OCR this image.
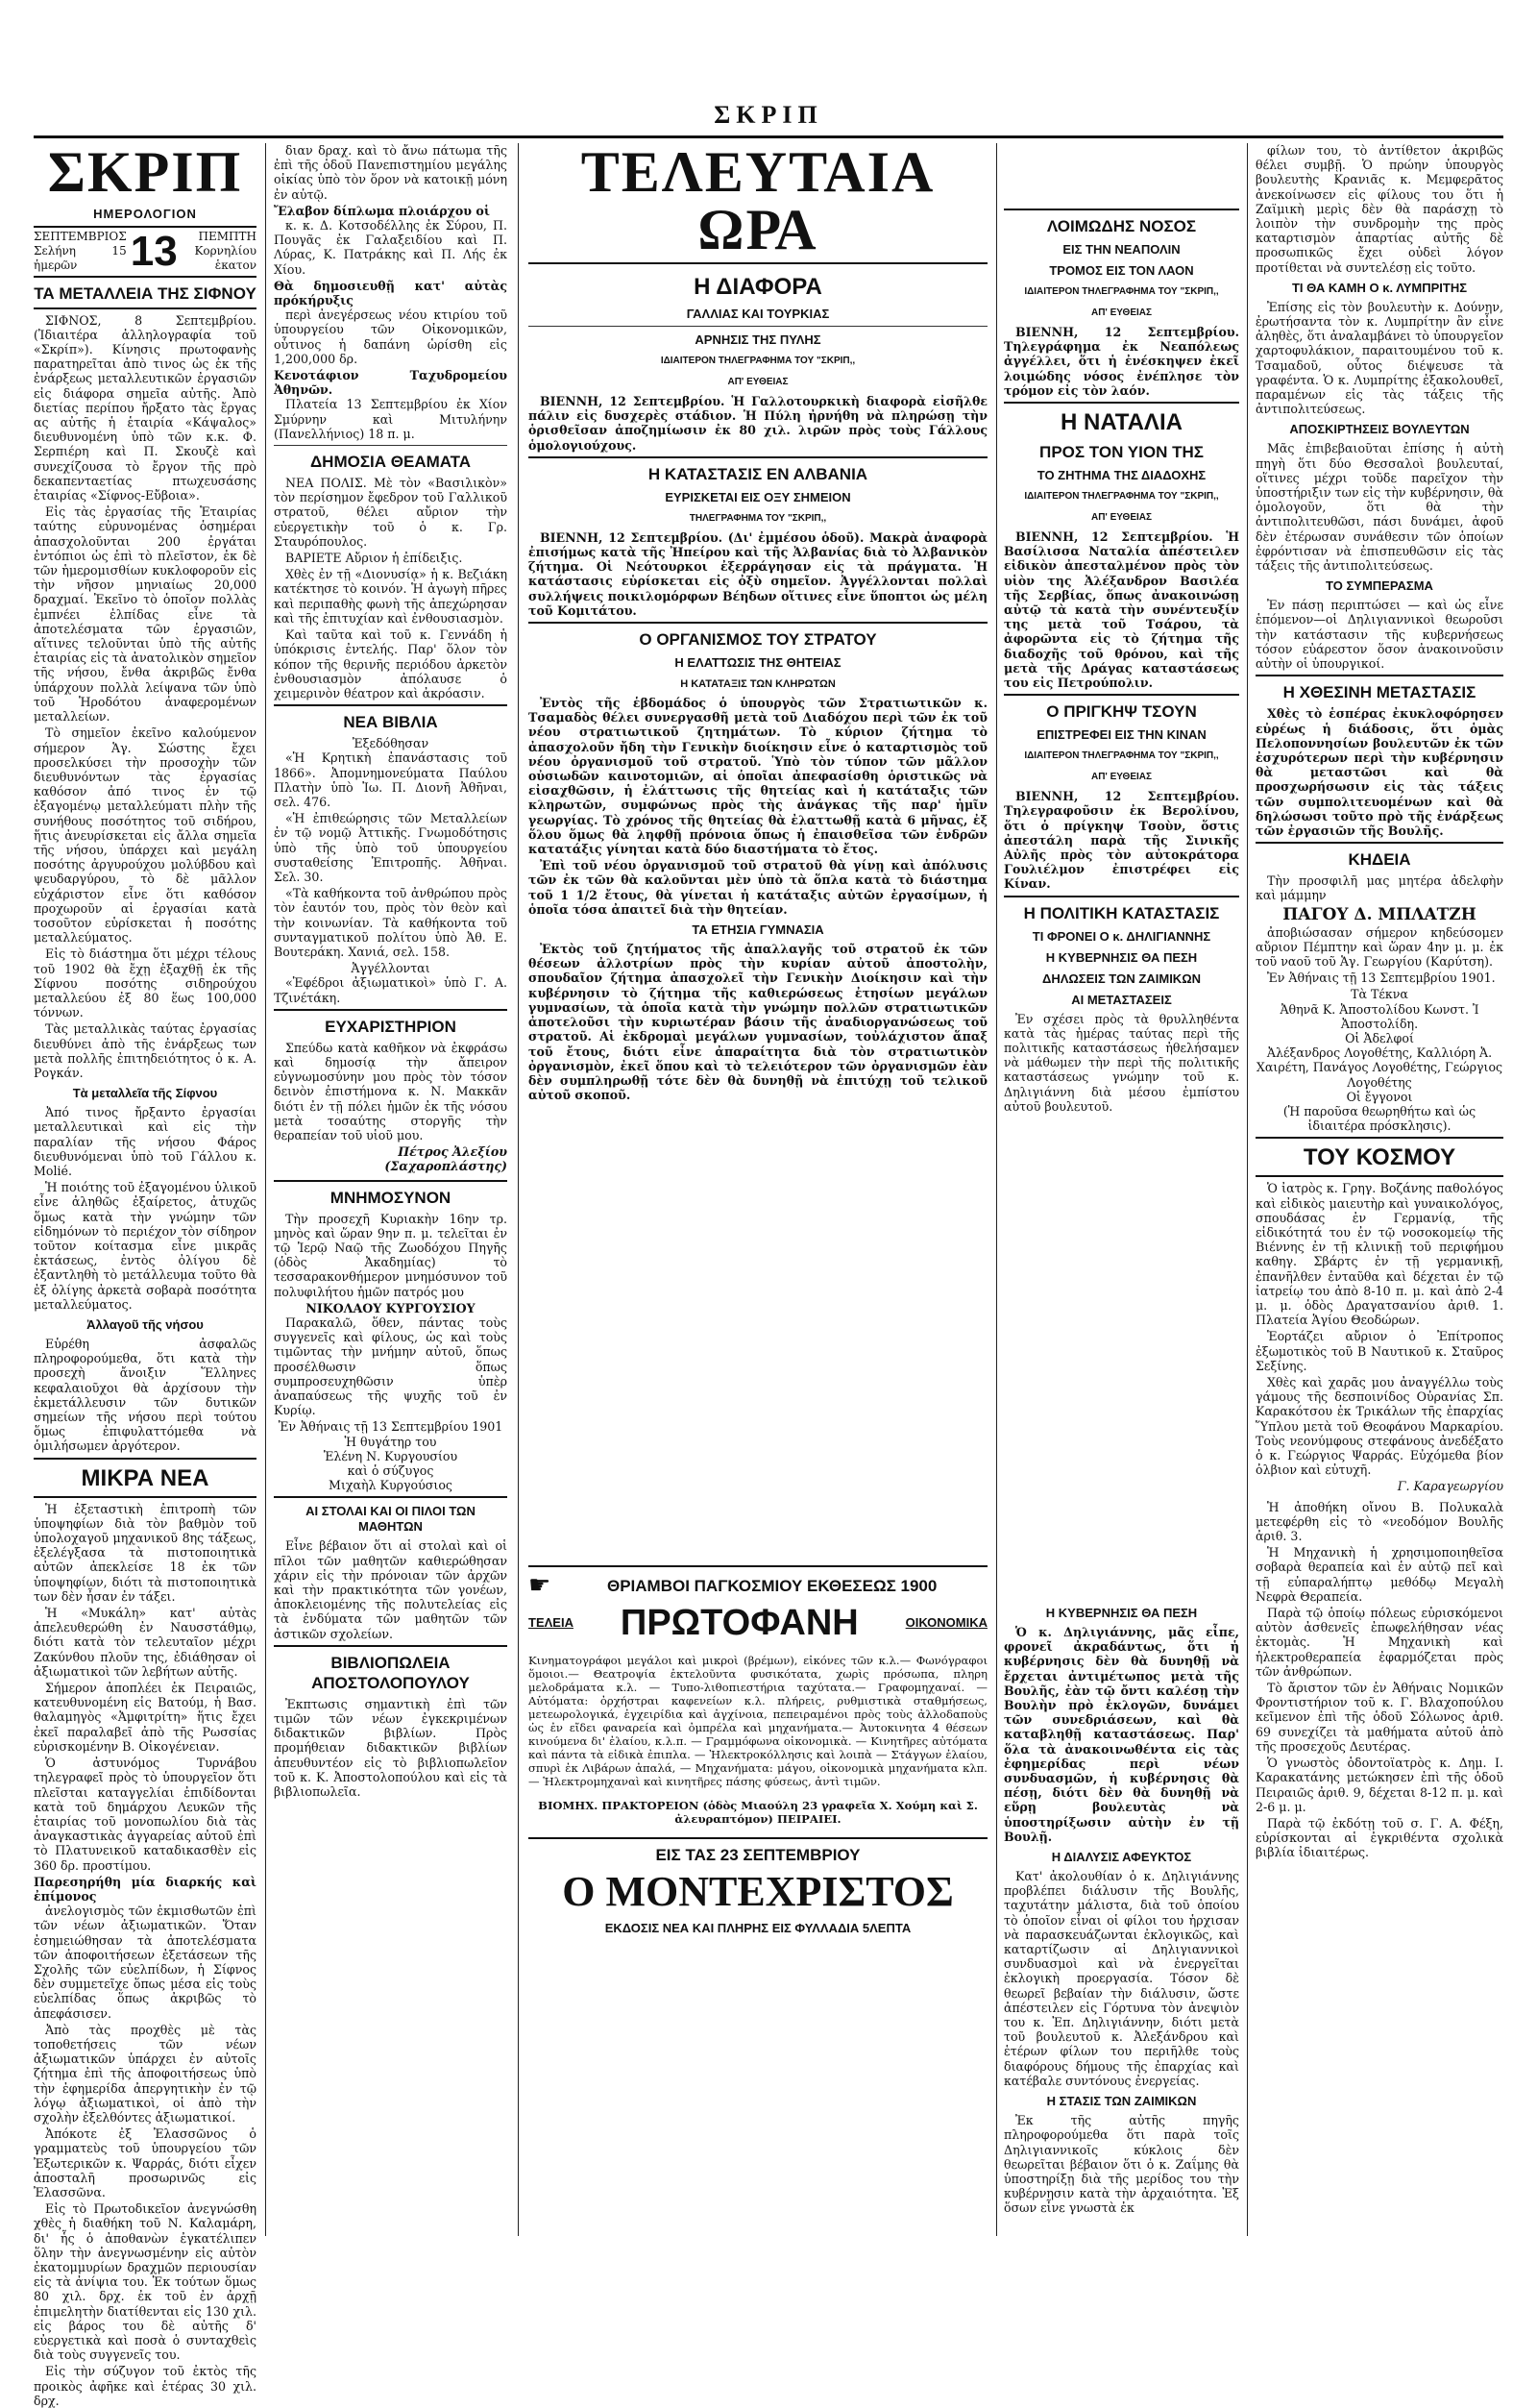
ΣΚΡΙΠ
ΣΚΡΙΠ
ΗΜΕΡΟΛΟΓΙΟΝ
ΣΕΠΤΕΜΒΡΙΟΣ
Σελήνη 15 ἡμερῶν	13	ΠΕΜΠΤΗ
Κορνηλίου ἑκατον
ΤΑ ΜΕΤΑΛΛΕΙΑ ΤΗΣ ΣΙΦΝΟΥ

ΣΙΦΝΟΣ, 8 Σεπτεμβρίου. (Ἰδιαιτέρα ἀλληλογραφία τοῦ «Σκρίπ»). Κίνησις πρωτοφανὴς παρατηρεῖται ἀπὸ τινος ὡς ἐκ τῆς ἐνάρξεως μεταλλευτικῶν ἐργασιῶν εἰς διάφορα σημεῖα αὐτῆς. Ἀπὸ διετίας περίπου ἤρξατο τὰς ἔργας ας αὐτῆς ἡ ἑταιρία «Κάψαλος» διευθυνομένη ὑπὸ τῶν κ.κ. Φ. Σερπιέρη καὶ Π. Σκουζὲ καὶ συνεχίζουσα τὸ ἔργον τῆς πρὸ δεκαπενταετίας πτωχευσάσης ἑταιρίας «Σίφνος-Εὔβοια».

Εἰς τὰς ἐργασίας τῆς Ἑταιρίας ταύτης εὐρυνομένας ὁσημέραι ἀπασχολοῦνται 200 ἐργάται ἐντόπιοι ὡς ἐπὶ τὸ πλεῖστον, ἐκ δὲ τῶν ἡμερομισθίων κυκλοφοροῦν εἰς τὴν νῆσον μηνιαίως 20,000 δραχμαί. Ἐκεῖνο τὸ ὁποῖον πολλὰς ἐμπνέει ἐλπίδας εἶνε τὰ ἀποτελέσματα τῶν ἐργασιῶν, αἵτινες τελοῦνται ὑπὸ τῆς αὐτῆς ἑταιρίας εἰς τὰ ἀνατολικὸν σημεῖον τῆς νήσου, ἔνθα ἀκριβῶς ἔνθα ὑπάρχουν πολλὰ λείψανα τῶν ὑπὸ τοῦ Ἡροδότου ἀναφερομένων μεταλλείων.

Τὸ σημεῖον ἐκεῖνο καλούμενον σήμερον Ἁγ. Σώστης ἔχει προσελκύσει τὴν προσοχὴν τῶν διευθυνόντων τὰς ἐργασίας καθόσον ἀπό τινος ἐν τῷ ἐξαγομένῳ μεταλλεύματι πλὴν τῆς συνήθους ποσότητος τοῦ σιδήρου, ἥτις ἀνευρίσκεται εἰς ἄλλα σημεῖα τῆς νήσου, ὑπάρχει καὶ μεγάλη ποσότης ἀργυρούχου μολύβδου καὶ ψευδαργύρου, τὸ δὲ μᾶλλον εὐχάριστον εἶνε ὅτι καθόσον προχωροῦν αἱ ἐργασίαι κατὰ τοσοῦτον εὑρίσκεται ἡ ποσότης μεταλλεύματος.

Εἰς τὸ διάστημα ὅτι μέχρι τέλους τοῦ 1902 θὰ ἔχῃ ἐξαχθῇ ἐκ τῆς Σίφνου ποσότης σιδηρούχου μεταλλεύου ἐξ 80 ἕως 100,000 τόννων.

Τὰς μεταλλικὰς ταύτας ἐργασίας διευθύνει ἀπὸ τῆς ἐνάρξεως των μετὰ πολλῆς ἐπιτηδειότητος ὁ κ. Α. Ρογκάν.

Τὰ μεταλλεῖα τῆς Σίφνου

Ἀπό τινος ἤρξαντο ἐργασίαι μεταλλευτικαὶ καὶ εἰς τὴν παραλίαν τῆς νήσου Φάρος διευθυνόμεναι ὑπὸ τοῦ Γάλλου κ. Molié.

Ἡ ποιότης τοῦ ἐξαγομένου ὑλικοῦ εἶνε ἀληθῶς ἐξαίρετος, ἀτυχῶς ὅμως κατὰ τὴν γνώμην τῶν εἰδημόνων τὸ περιέχον τὸν σίδηρον τοῦτον κοίτασμα εἶνε μικρᾶς ἐκτάσεως, ἐντὸς ὀλίγου δὲ ἐξαντληθὴ τὸ μετάλλευμα τοῦτο θὰ ἐξ ὀλίγης ἀρκετὰ σοβαρὰ ποσότητα μεταλλεύματος.

Ἀλλαγοῦ τῆς νήσου

Εὑρέθη ἀσφαλῶς πληροφορούμεθα, ὅτι κατὰ τὴν προσεχὴ ἄνοιξιν Ἕλληνες κεφαλαιοῦχοι θὰ ἀρχίσουν τὴν ἐκμετάλλευσιν τῶν δυτικῶν σημείων τῆς νήσου περὶ τούτου ὅμως ἐπιφυλαττόμεθα νὰ ὁμιλήσωμεν ἀργότερον.

ΜΙΚΡΑ ΝΕΑ

Ἡ ἐξεταστικὴ ἐπιτροπὴ τῶν ὑποψηφίων διὰ τὸν βαθμὸν τοῦ ὑπολοχαγοῦ μηχανικοῦ 8ης τάξεως, ἐξελέγξασα τὰ πιστοποιητικὰ αὐτῶν ἀπεκλείσε 18 ἐκ τῶν ὑποψηφίων, διότι τὰ πιστοποιητικὰ των δὲν ἦσαν ἐν τάξει.

Ἡ «Μυκάλη» κατ' αὐτὰς ἀπελευθερώθη ἐν Ναυσστάθμῳ, διότι κατὰ τὸν τελευταῖον μέχρι Ζακύνθου πλοῦν της, ἐδιάθησαν οἱ ἀξιωματικοὶ τῶν λεβήτων αὐτῆς.

Σήμερον ἀποπλέει ἐκ Πειραιῶς, κατευθυνομένη εἰς Βατούμ, ἡ Βασ. θαλαμηγὸς «Ἀμφιτρίτη» ἥτις ἔχει ἐκεῖ παραλαβεῖ ἀπὸ τῆς Ρωσσίας εὐρισκομένην Β. Οἰκογένειαν.

Ὁ ἀστυνόμος Τυρνάβου τηλεγραφεῖ πρὸς τὸ ὑπουργεῖον ὅτι πλεῖσται καταγγελίαι ἐπιδίδονται κατὰ τοῦ δημάρχου Λευκῶν τῆς ἑταιρίας τοῦ μονοπωλίου διὰ τὰς ἀναγκαστικὰς ἀγγαρείας αὐτοῦ ἐπὶ τὸ Πλατυνεικοῦ καταδικασθὲν εἰς 360 δρ. προστίμου.

Παρεσηρήθη μία διαρκής καὶ ἐπίμονος

ἀνελογισμὸς τῶν ἐκμισθωτῶν ἐπὶ τῶν νέων ἀξιωματικῶν. Ὅταν ἐσημειώθησαν τὰ ἀποτελέσματα τῶν ἀποφοιτήσεων ἐξετάσεων τῆς Σχολῆς τῶν εὐελπίδων, ἡ Σίφνος δὲν συμμετεῖχε ὅπως μέσα εἰς τοὺς εὐελπίδας ὅπως ἀκριβῶς τὸ ἀπεφάσισεν.

Ἀπὸ τὰς προχθὲς μὲ τὰς τοποθετήσεις τῶν νέων ἀξιωματικῶν ὑπάρχει ἐν αὐτοῖς ζήτημα ἐπὶ τῆς ἀποφοιτήσεως ὑπὸ τὴν ἐφημερίδα ἀπεργητικὴν ἐν τῷ λόγῳ ἀξιωματικοὶ, οἱ ἀπὸ τὴν σχολὴν ἐξελθόντες ἀξιωματικοί.

Ἀπόκοτε ἐξ Ἐλασσῶνος ὁ γραμματεὺς τοῦ ὑπουργείου τῶν Ἐξωτερικῶν κ. Ψαρράς, διότι εἶχεν ἀποσταλῆ προσωρινῶς εἰς Ἐλασσῶνα.

Εἰς τὸ Πρωτοδικεῖον ἀνεγνώσθη χθὲς ἡ διαθήκη τοῦ Ν. Καλαμάρη, δι' ἧς ὁ ἀποθανὼν ἐγκατέλιπεν ὅλην τὴν ἀνεγνωσμένην εἰς αὐτὸν ἐκατομμυρίων δραχμῶν περιουσίαν εἰς τὰ ἀνίψια του. Ἐκ τούτων ὅμως 80 χιλ. δρχ. ἐκ τοῦ ἐν ἀρχῇ ἐπιμελητὴν διατίθενται εἰς 130 χιλ. εἰς βάρος του δὲ αὐτῆς δ' εὐεργετικὰ καὶ ποσὰ ὁ συνταχθεὶς διὰ τοὺς συγγενεῖς του.

Εἰς τὴν σύζυγον τοῦ ἐκτὸς τῆς προικὸς ἀφῆκε καὶ ἑτέρας 30 χιλ. δρχ.

διαν δραχ. καὶ τὸ ἄνω πάτωμα τῆς ἐπὶ τῆς ὁδοῦ Πανεπιστημίου μεγάλης οἰκίας ὑπὸ τὸν ὅρον νὰ κατοικῇ μόνη ἐν αὐτῷ.

Ἔλαβον δίπλωμα πλοιάρχου οἱ

κ. κ. Δ. Κοτσοδέλλης ἐκ Σύρου, Π. Πουγᾶς ἐκ Γαλαξειδίου καὶ Π. Λύρας, Κ. Πατράκης καὶ Π. Λής ἐκ Χίου.

Θὰ δημοσιευθῇ κατ' αὐτὰς πρόκήρυξις

περὶ ἀνεγέρσεως νέου κτιρίου τοῦ ὑπουργείου τῶν Οἰκονομικῶν, οὗτινος ἡ δαπάνη ὡρίσθη εἰς 1,200,000 δρ.

Κενοτάφιον Ταχυδρομείου Ἀθηνῶν.

Πλατεία 13 Σεπτεμβρίου ἐκ Χίον Σμύρνην καὶ Μιτυλήνην (Πανελλήνιος) 18 π. μ.

ΔΗΜΟΣΙΑ ΘΕΑΜΑΤΑ

ΝΕΑ ΠΟΛΙΣ. Μὲ τὸν «Βασιλικὸν» τὸν περίσημον ἔφεδρον τοῦ Γαλλικοῦ στρατοῦ, θέλει αὔριον τὴν εὐεργετικὴν τοῦ ὁ κ. Γρ. Σταυρόπουλος.

ΒΑΡΙΕΤΕ Αὔριον ἡ ἐπίδειξις.

Χθὲς ἐν τῇ «Διονυσίᾳ» ἡ κ. Βεζιάκη κατέκτησε τὸ κοινόν. Ἡ ἀγωγὴ πῆρες καὶ περιπαθὴς φωνὴ τῆς ἀπεχώρησαν καὶ τῆς ἐπιτυχίαν καὶ ἐνθουσιασμὸν.

Καὶ ταῦτα καὶ τοῦ κ. Γεννάδη ἡ ὑπόκρισις ἐντελής. Παρ' ὅλον τὸν κόπον τῆς θερινῆς περιόδου ἀρκετὸν ἐνθουσιασμὸν ἀπόλαυσε ὁ χειμερινὸν θέατρον καὶ ἀκρόασιν.

ΝΕΑ ΒΙΒΛΙΑ
Ἐξεδόθησαν

«Ἡ Κρητικὴ ἐπανάστασις τοῦ 1866». Ἀπομνημονεύματα Παύλου Πλατὴν ὑπὸ Ἰω. Π. Διονῆ Ἀθῆναι, σελ. 476.

«Ἡ ἐπιθεώρησις τῶν Μεταλλείων ἐν τῷ νομῷ Ἀττικῆς. Γνωμοδότησις ὑπὸ τῆς ὑπὸ τοῦ ὑπουργείου συσταθείσης Ἐπιτροπῆς. Ἀθῆναι. Σελ. 30.

«Τὰ καθήκοντα τοῦ ἀνθρώπου πρὸς τὸν ἑαυτόν του, πρὸς τὸν θεὸν καὶ τὴν κοινωνίαν. Τὰ καθήκοντα τοῦ συνταγματικοῦ πολίτου ὑπὸ Ἀθ. Ε. Βουτεράκη. Χανιά, σελ. 158.

Ἀγγέλλονται

«Ἐφέδροι ἀξιωματικοὶ» ὑπὸ Γ. Α. Τζινέτάκη.

ΕΥΧΑΡΙΣΤΗΡΙΟΝ

Σπεύδω κατὰ καθῆκον νὰ ἐκφράσω καὶ δημοσίᾳ τὴν ἄπειρον εὐγνωμοσύνην μου πρὸς τὸν τόσον δεινὸν ἐπιστήμονα κ. Ν. Μακκᾶν διότι ἐν τῇ πόλει ἡμῶν ἐκ τῆς νόσου μετὰ τοσαύτης στοργῆς τὴν θεραπείαν τοῦ υἱοῦ μου.

Πέτρος Ἀλεξίου (Σαχαροπλάστης)
ΜΝΗΜΟΣΥΝΟΝ

Τὴν προσεχῆ Κυριακὴν 16ην τρ. μηνὸς καὶ ὥραν 9ην π. μ. τελεῖται ἐν τῷ Ἱερῷ Ναῷ τῆς Ζωοδόχου Πηγῆς (ὁδὸς Ἀκαδημίας) τὸ τεσσαρακονθήμερον μνημόσυνον τοῦ πολυφιλήτου ἡμῶν πατρός μου

ΝΙΚΟΛΑΟΥ ΚΥΡΓΟΥΣΙΟΥ

Παρακαλῶ, ὅθεν, πάντας τοὺς συγγενεῖς καὶ φίλους, ὡς καὶ τοὺς τιμῶντας τὴν μνήμην αὐτοῦ, ὅπως προσέλθωσιν ὅπως συμπροσευχηθῶσιν ὑπὲρ ἀναπαύσεως τῆς ψυχῆς τοῦ ἐν Κυρίῳ.

Ἐν Ἀθήναις τῇ 13 Σεπτεμβρίου 1901
Ἡ θυγάτηρ του
Ἑλένη Ν. Κυργουσίου
καὶ ὁ σύζυγος
Μιχαὴλ Κυργούσιος
ΑΙ ΣΤΟΛΑΙ ΚΑΙ ΟΙ ΠΙΛΟΙ ΤΩΝ ΜΑΘΗΤΩΝ

Εἶνε βέβαιον ὅτι αἱ στολαὶ καὶ οἱ πῖλοι τῶν μαθητῶν καθιερώθησαν χάριν εἰς τὴν πρόνοιαν τῶν ἀρχῶν καὶ τὴν πρακτικότητα τῶν γονέων, ἀποκλειομένης τῆς πολυτελείας εἰς τὰ ἐνδύματα τῶν μαθητῶν τῶν ἀστικῶν σχολείων.

ΒΙΒΛΙΟΠΩΛΕΙΑ ΑΠΟΣΤΟΛΟΠΟΥΛΟΥ

Ἐκπτωσις σημαντικὴ ἐπὶ τῶν τιμῶν τῶν νέων ἐγκεκριμένων διδακτικῶν βιβλίων. Πρὸς προμήθειαν διδακτικῶν βιβλίων ἀπευθυντέον εἰς τὸ βιβλιοπωλεῖον τοῦ κ. Κ. Ἀποστολοπούλου καὶ εἰς τὰ βιβλιοπωλεῖα.

ΤΕΛΕΥΤΑΙΑ ΩΡΑ
Η ΔΙΑΦΟΡΑ
ΓΑΛΛΙΑΣ ΚΑΙ ΤΟΥΡΚΙΑΣ
ΑΡΝΗΣΙΣ ΤΗΣ ΠΥΛΗΣ
ΙΔΙΑΙΤΕΡΟΝ ΤΗΛΕΓΡΑΦΗΜΑ ΤΟΥ "ΣΚΡΙΠ,,
ΑΠ' ΕΥΘΕΙΑΣ

ΒΙΕΝΝΗ, 12 Σεπτεμβρίου. Ἡ Γαλλοτουρκικὴ διαφορὰ εἰσῆλθε πάλιν εἰς δυσχερὲς στάδιον. Ἡ Πύλη ἠρνήθη νὰ πληρώσῃ τὴν ὁρισθεῖσαν ἀποζημίωσιν ἐκ 80 χιλ. λιρῶν πρὸς τοὺς Γάλλους ὁμολογιούχους.

Η ΚΑΤΑΣΤΑΣΙΣ ΕΝ ΑΛΒΑΝΙΑ
ΕΥΡΙΣΚΕΤΑΙ ΕΙΣ ΟΞΥ ΣΗΜΕΙΟΝ
ΤΗΛΕΓΡΑΦΗΜΑ ΤΟΥ "ΣΚΡΙΠ,,

ΒΙΕΝΝΗ, 12 Σεπτεμβρίου. (Δι' ἐμμέσου ὁδοῦ). Μακρὰ ἀναφορὰ ἐπισήμως κατὰ τῆς Ἠπείρου καὶ τῆς Ἀλβανίας διὰ τὸ Ἀλβανικὸν ζήτημα. Οἱ Νεότουρκοι ἐξερράγησαν εἰς τὰ πράγματα. Ἡ κατάστασις εὑρίσκεται εἰς ὀξὺ σημεῖον. Ἀγγέλλονται πολλαὶ συλλήψεις ποικιλομόρφων Βέηδων οἵτινες εἶνε ὕποπτοι ὡς μέλη τοῦ Κομιτάτου.

Ο ΟΡΓΑΝΙΣΜΟΣ ΤΟΥ ΣΤΡΑΤΟΥ
Η ΕΛΑΤΤΩΣΙΣ ΤΗΣ ΘΗΤΕΙΑΣ
Η ΚΑΤΑΤΑΞΙΣ ΤΩΝ ΚΛΗΡΩΤΩΝ

Ἐντὸς τῆς ἑβδομάδος ὁ ὑπουργὸς τῶν Στρατιωτικῶν κ. Τσαμαδὸς θέλει συνεργασθῆ μετὰ τοῦ Διαδόχου περὶ τῶν ἐκ τοῦ νέου στρατιωτικοῦ ζητημάτων. Τὸ κύριον ζήτημα τὸ ἀπασχολοῦν ἤδη τὴν Γενικὴν διοίκησιν εἶνε ὁ καταρτισμὸς τοῦ νέου ὀργανισμοῦ τοῦ στρατοῦ. Ὑπὸ τὸν τύπον τῶν μᾶλλον οὐσιωδῶν καινοτομιῶν, αἱ ὁποῖαι ἀπεφασίσθη ὁριστικῶς νὰ εἰσαχθῶσιν, ἡ ἐλάττωσις τῆς θητείας καὶ ἡ κατάταξις τῶν κληρωτῶν, συμφώνως πρὸς τὴς ἀνάγκας τῆς παρ' ἡμῖν γεωργίας. Τὸ χρόνος τῆς θητείας θὰ ἐλαττωθῇ κατὰ 6 μῆνας, ἐξ ὅλου ὅμως θὰ ληφθῇ πρόνοια ὅπως ἡ ἐπαισθεῖσα τῶν ἐνδρῶν κατατάξις γίνηται κατὰ δύο διαστήματα τὸ ἔτος.

Ἐπὶ τοῦ νέου ὀργανισμοῦ τοῦ στρατοῦ θὰ γίνῃ καὶ ἀπόλυσις τῶν ἐκ τῶν θὰ καλοῦνται μὲν ὑπὸ τὰ ὅπλα κατὰ τὸ διάστημα τοῦ 1 1/2 ἔτους, θὰ γίνεται ἡ κατάταξις αὐτῶν ἐργασίμων, ἡ ὁποῖα τόσα ἀπαιτεῖ διὰ τὴν θητείαν.

ΤΑ ΕΤΗΣΙΑ ΓΥΜΝΑΣΙΑ

Ἐκτὸς τοῦ ζητήματος τῆς ἀπαλλαγῆς τοῦ στρατοῦ ἐκ τῶν θέσεων ἀλλοτρίων πρὸς τὴν κυρίαν αὐτοῦ ἀποστολὴν, σπουδαῖον ζήτημα ἀπασχολεῖ τὴν Γενικὴν Διοίκησιν καὶ τὴν κυβέρνησιν τὸ ζήτημα τῆς καθιερώσεως ἐτησίων μεγάλων γυμνασίων, τὰ ὁποῖα κατὰ τὴν γνώμην πολλῶν στρατιωτικῶν ἀποτελοῦσι τὴν κυριωτέραν βάσιν τῆς ἀναδιοργανώσεως τοῦ στρατοῦ. Αἱ ἐκδρομαὶ μεγάλων γυμνασίων, τοὐλάχιστον ἅπαξ τοῦ ἔτους, διότι εἶνε ἀπαραίτητα διὰ τὸν στρατιωτικὸν ὀργανισμὸν, ἐκεῖ ὅπου καὶ τὸ τελειότερον τῶν ὀργανισμῶν ἐὰν δὲν συμπληρωθῇ τότε δὲν θὰ δυνηθῇ νὰ ἐπιτύχῃ τοῦ τελικοῦ αὐτοῦ σκοποῦ.

ΛΟΙΜΩΔΗΣ ΝΟΣΟΣ
ΕΙΣ ΤΗΝ ΝΕΑΠΟΛΙΝ
ΤΡΟΜΟΣ ΕΙΣ ΤΟΝ ΛΑΟΝ
ΙΔΙΑΙΤΕΡΟΝ ΤΗΛΕΓΡΑΦΗΜΑ ΤΟΥ "ΣΚΡΙΠ,,
ΑΠ' ΕΥΘΕΙΑΣ

ΒΙΕΝΝΗ, 12 Σεπτεμβρίου. Τηλεγράφημα ἐκ Νεαπόλεως ἀγγέλλει, ὅτι ἡ ἐνέσκηψεν ἐκεῖ λοιμώδης νόσος ἐνέπλησε τὸν τρόμον εἰς τὸν λαόν.

Η ΝΑΤΑΛΙΑ
ΠΡΟΣ ΤΟΝ ΥΙΟΝ ΤΗΣ
ΤΟ ΖΗΤΗΜΑ ΤΗΣ ΔΙΑΔΟΧΗΣ
ΙΔΙΑΙΤΕΡΟΝ ΤΗΛΕΓΡΑΦΗΜΑ ΤΟΥ "ΣΚΡΙΠ,,
ΑΠ' ΕΥΘΕΙΑΣ

ΒΙΕΝΝΗ, 12 Σεπτεμβρίου. Ἡ Βασίλισσα Ναταλία ἀπέστειλεν εἰδικὸν ἀπεσταλμένον πρὸς τὸν υἱὸν της Ἀλέξανδρον Βασιλέα τῆς Σερβίας, ὅπως ἀνακοινώσῃ αὐτῷ τὰ κατὰ τὴν συνέντευξίν της μετὰ τοῦ Τσάρου, τὰ ἀφορῶντα εἰς τὸ ζήτημα τῆς διαδοχῆς τοῦ θρόνου, καὶ τῆς μετὰ τῆς Δράγας καταστάσεως του εἰς Πετρούπολιν.

Ο ΠΡΙΓΚΗΨ ΤΣΟΥΝ
ΕΠΙΣΤΡΕΦΕΙ ΕΙΣ ΤΗΝ ΚΙΝΑΝ
ΙΔΙΑΙΤΕΡΟΝ ΤΗΛΕΓΡΑΦΗΜΑ ΤΟΥ "ΣΚΡΙΠ,,
ΑΠ' ΕΥΘΕΙΑΣ

ΒΙΕΝΝΗ, 12 Σεπτεμβρίου. Τηλεγραφοῦσιν ἐκ Βερολίνου, ὅτι ὁ πρίγκηψ Τσοὺν, ὅστις ἀπεστάλη παρὰ τῆς Σινικῆς Αὐλῆς πρὸς τὸν αὐτοκράτορα Γουλιέλμον ἐπιστρέφει εἰς Κίναν.

Η ΠΟΛΙΤΙΚΗ ΚΑΤΑΣΤΑΣΙΣ
ΤΙ ΦΡΟΝΕΙ Ο κ. ΔΗΛΙΓΙΑΝΝΗΣ
Η ΚΥΒΕΡΝΗΣΙΣ ΘΑ ΠΕΣΗ
ΔΗΛΩΣΕΙΣ ΤΩΝ ΖΑΙΜΙΚΩΝ
ΑΙ ΜΕΤΑΣΤΑΣΕΙΣ

Ἐν σχέσει πρὸς τὰ θρυλληθέντα κατὰ τὰς ἡμέρας ταύτας περὶ τῆς πολιτικῆς καταστάσεως ἠθελήσαμεν νὰ μάθωμεν τὴν περὶ τῆς πολιτικῆς καταστάσεως γνώμην τοῦ κ. Δηλιγιάννη διὰ μέσου ἐμπίστου αὐτοῦ βουλευτοῦ.

Η ΚΥΒΕΡΝΗΣΙΣ ΘΑ ΠΕΣΗ

Ὁ κ. Δηλιγιάννης, μᾶς εἶπε, φρονεῖ ἀκραδάντως, ὅτι ἡ κυβέρνησις δὲν θὰ δυνηθῇ νὰ ἔρχεται ἀντιμέτωπος μετὰ τῆς Βουλῆς, ἐὰν τῷ ὄντι καλέσῃ τὴν Βουλὴν πρὸ ἐκλογῶν, δυνάμει τῶν συνεδριάσεων, καὶ θὰ καταβληθῇ καταστάσεως. Παρ' ὅλα τὰ ἀνακοινωθέντα εἰς τὰς ἐφημερίδας περὶ νέων συνδυασμῶν, ἡ κυβέρνησις θὰ πέσῃ, διότι δὲν θὰ δυνηθῇ νὰ εὕρῃ βουλευτὰς νὰ ὑποστηρίξωσιν αὐτὴν ἐν τῇ Βουλῇ.

Η ΔΙΑΛΥΣΙΣ ΑΦΕΥΚΤΟΣ

Κατ' ἀκολουθίαν ὁ κ. Δηλιγιάννης προβλέπει διάλυσιν τῆς Βουλῆς, ταχυτάτην μάλιστα, διὰ τοῦ ὁποίου τὸ ὁποῖον εἶναι οἱ φίλοι του ἡρχισαν νὰ παρασκευάζωνται ἐκλογικῶς, καὶ καταρτίζωσιν αἱ Δηλιγιαννικοὶ συνδυασμοὶ καὶ νὰ ἐνεργεῖται ἐκλογικὴ προεργασία. Τόσον δὲ θεωρεῖ βεβαίαν τὴν διάλυσιν, ὥστε ἀπέστειλεν εἰς Γόρτυνα τὸν ἀνεψιὸν του κ. Ἐπ. Δηλιγιάννην, διότι μετὰ τοῦ βουλευτοῦ κ. Ἀλεξάνδρου καὶ ἑτέρων φίλων του περιῆλθε τοὺς διαφόρους δήμους τῆς ἐπαρχίας καὶ κατέβαλε συντόνους ἐνεργείας.

Η ΣΤΑΣΙΣ ΤΩΝ ΖΑΙΜΙΚΩΝ

Ἐκ τῆς αὐτῆς πηγῆς πληροφορούμεθα ὅτι παρὰ τοῖς Δηλιγιαννικοῖς κύκλοις δὲν θεωρεῖται βέβαιον ὅτι ὁ κ. Ζαΐμης θὰ ὑποστηρίξῃ διὰ τῆς μερίδος του τὴν κυβέρνησιν κατὰ τὴν ἀρχαιότητα. Ἐξ ὅσων εἶνε γνωστὰ ἐκ

φίλων του, τὸ ἀντίθετον ἀκριβῶς θέλει συμβῇ. Ὁ πρώην ὑπουργὸς βουλευτὴς Κρανιᾶς κ. Μεμφερᾶτος ἀνεκοίνωσεν εἰς φίλους του ὅτι ἡ Ζαϊμικὴ μερὶς δὲν θὰ παράσχῃ τὸ λοιπὸν τὴν συνδρομὴν της πρὸς καταρτισμὸν ἀπαρτίας αὐτῆς δὲ προσωπικῶς ἔχει οὐδεὶ λόγον προτίθεται νὰ συντελέσῃ εἰς τοῦτο.

ΤΙ ΘΑ ΚΑΜΗ Ο κ. ΛΥΜΠΡΙΤΗΣ

Ἐπίσης εἰς τὸν βουλευτὴν κ. Δούνην, ἐρωτήσαντα τὸν κ. Λυμπρίτην ἂν εἶνε ἀληθὲς, ὅτι ἀναλαμβάνει τὸ ὑπουργεῖον χαρτοφυλάκιον, παραιτουμένου τοῦ κ. Τσαμαδοῦ, οὗτος διέψευσε τὰ γραφέντα. Ὁ κ. Λυμπρίτης ἐξακολουθεῖ, παραμένων εἰς τὰς τάξεις τῆς ἀντιπολιτεύσεως.

ΑΠΟΣΚΙΡΤΗΣΕΙΣ ΒΟΥΛΕΥΤΩΝ

Μᾶς ἐπιβεβαιοῦται ἐπίσης ἡ αὐτὴ πηγὴ ὅτι δύο Θεσσαλοὶ βουλευταί, οἵτινες μέχρι τοῦδε παρεῖχον τὴν ὑποστήριξιν των εἰς τὴν κυβέρνησιν, θὰ ὁμολογοῦν, ὅτι θὰ τὴν ἀντιπολιτευθῶσι, πάσι δυνάμει, ἀφοῦ δὲν ἐτέρωσαν συνάθεσιν τῶν ὁποίων ἐφρόντισαν νὰ ἐπισπευθῶσιν εἰς τὰς τάξεις τῆς ἀντιπολιτεύσεως.

ΤΟ ΣΥΜΠΕΡΑΣΜΑ

Ἐν πάσῃ περιπτώσει — καὶ ὡς εἶνε ἑπόμενον—οἱ Δηλιγιαννικοὶ θεωροῦσι τὴν κατάστασιν τῆς κυβερνήσεως τόσον εὐάρεστον ὅσον ἀνακοινοῦσιν αὐτὴν οἱ ὑπουργικοί.

Η ΧΘΕΣΙΝΗ ΜΕΤΑΣΤΑΣΙΣ

Χθὲς τὸ ἑσπέρας ἐκυκλοφόρησεν εὐρέως ἡ διάδοσις, ὅτι ὁμὰς Πελοποννησίων βουλευτῶν ἐκ τῶν ἐσχυρότερων περὶ τὴν κυβέρνησιν θὰ μεταστῶσι καὶ θὰ προσχωρήσωσιν εἰς τὰς τάξεις τῶν συμπολιτευομένων καὶ θὰ δηλώσωσι τοῦτο πρὸ τῆς ἐνάρξεως τῶν ἐργασιῶν τῆς Βουλῆς.

ΚΗΔΕΙΑ

Τὴν προσφιλῆ μας μητέρα ἀδελφὴν καὶ μάμμην

ΠΑΓΟΥ Δ. ΜΠΛΑΤΖΗ

ἀποβιώσασαν σήμερον κηδεύσομεν αὔριον Πέμπτην καὶ ὥραν 4ην μ. μ. ἐκ τοῦ ναοῦ τοῦ Ἁγ. Γεωργίου (Καρύτση).

Ἐν Ἀθήναις τῇ 13 Σεπτεμβρίου 1901.

Τὰ Τέκνα
Ἀθηνᾶ Κ. Ἀποστολίδου Κωνστ. Ἰ Ἀποστολίδη.
Οἱ Ἀδελφοί
Ἀλέξανδρος Λογοθέτης, Καλλιόρη Ἀ. Χαιρέτη, Πανάγος Λογοθέτης, Γεώργιος Λογοθέτης
Οἱ ἔγγονοι
(Ἡ παροῦσα θεωρηθήτω καὶ ὡς ἰδιαιτέρα πρόσκλησις).
ΤΟΥ ΚΟΣΜΟΥ

Ὁ ἰατρὸς κ. Γρηγ. Βοζάνης παθολόγος καὶ εἰδικὸς μαιευτὴρ καὶ γυναικολόγος, σπουδάσας ἐν Γερμανίᾳ, τῆς εἰδικότητά του ἐν τῷ νοσοκομείῳ τῆς Βιέννης ἐν τῇ κλινικῇ τοῦ περιφήμου καθηγ. Σβάρτς ἐν τῇ γερμανικῇ, ἐπανῆλθεν ἐνταῦθα καὶ δέχεται ἐν τῷ ἰατρείῳ του ἀπὸ 8-10 π. μ. καὶ ἀπὸ 2-4 μ. μ. ὁδὸς Δραγατσανίου ἀριθ. 1. Πλατεία Ἁγίου Θεοδώρων.

Ἑορτάζει αὔριον ὁ Ἐπίτροπος ἐξωμοτικὸς τοῦ Β Ναυτικοῦ κ. Σταῦρος Σεξίνης.

Χθὲς καὶ χαρᾶς μου ἀναγγέλλω τοὺς γάμους τῆς δεσποινίδος Οὐρανίας Σπ. Καρακότσου ἐκ Τρικάλων τῆς ἐπαρχίας Ὕπλου μετὰ τοῦ Θεοφάνου Μαρκαρίου. Τοὺς νεονύμφους στεφάνους ἀνεδέξατο ὁ κ. Γεώργιος Ψαρράς. Εὐχόμεθα βίον ὀλβιον καὶ εὐτυχῆ.

Γ. Καραγεωργίου

Ἡ ἀποθήκη οἴνου Β. Πολυκαλὰ μετεφέρθη εἰς τὸ «νεοδόμον Βουλῆς ἀριθ. 3.

Ἡ Μηχανικὴ ἡ χρησιμοποιηθεῖσα σοβαρὰ θεραπεία καὶ ἐν αὐτῷ πεῖ καὶ τῇ εὐπαραλήπτῳ μεθόδῳ Μεγαλὴ Νεφρὰ Θεραπεία.

Παρὰ τῷ ὁποίῳ πόλεως εὐρισκόμενοι αὐτὸν ἀσθενεῖς ἐπωφελήθησαν νέας ἐκτομὰς. Ἡ Μηχανικὴ καὶ ἡλεκτροθεραπεία ἐφαρμόζεται πρὸς τῶν ἀνθρώπων.

Τὸ ἄριστον τῶν ἐν Ἀθήναις Νομικῶν Φροντιστήριον τοῦ κ. Γ. Βλαχοπούλου κεῖμενον ἐπὶ τῆς ὁδοῦ Σόλωνος ἀριθ. 69 συνεχίζει τὰ μαθήματα αὐτοῦ ἀπὸ τῆς προσεχοῦς Δευτέρας.

Ὁ γνωστὸς ὁδοντοϊατρὸς κ. Δημ. Ι. Καρακατάνης μετώκησεν ἐπὶ τῆς ὁδοῦ Πειραιῶς ἀριθ. 9, δέχεται 8-12 π. μ. καὶ 2-6 μ. μ.

Παρὰ τῷ ἐκδότῃ τοῦ σ. Γ. Α. Φέξη, εὑρίσκονται αἱ ἐγκριθέντα σχολικὰ βιβλία ἰδιαιτέρως.

☛	ΘΡΙΑΜΒΟΙ ΠΑΓΚΟΣΜΙΟΥ ΕΚΘΕΣΕΩΣ 1900
ΤΕΛΕΙΑ ΠΡΩΤΟΦΑΝΗ	ΟΙΚΟΝΟΜΙΚΑ

Κινηματογράφοι μεγάλοι καὶ μικροὶ (βρέμων), εἰκόνες τῶν κ.λ.— Φωνόγραφοι ὅμοιοι.— Θεατροψία ἐκτελοῦντα φυσικότατα, χωρὶς πρόσωπα, πληρη μελοδράματα κ.λ. — Τυπο-λιθοπιεστήρια ταχύτατα.— Γραφομηχαναί. — Αὐτόματα: ὀρχήστραι καφενείων κ.λ. πλήρεις, ρυθμιστικὰ σταθμήσεως, μετεωρολογικά, ἐγχειρίδια καὶ ἀγχίνοια, πεπειραμένοι πρὸς τοὺς ἀλλοδαποὺς ὡς ἐν εἴδει φαναρεία καὶ ὀμπρέλα καὶ μηχανήματα.— Ἀυτοκινητα 4 θέσεων κινούμενα δι' ἐλαίου, κ.λ.π. — Γραμμόφωνα οἰκονομικὰ. — Κινητῆρες αὐτόματα καὶ πάντα τὰ εἰδικὰ ἐπιπλα. — Ἠλεκτροκόλλησις καὶ λοιπὰ — Στάγγων ἐλαίου, σπυρὶ ἐκ Λιβάρων ἀπαλά, — Μηχανήματα: μάγου, οἰκονομικὰ μηχανήματα κλπ. — Ἡλεκτρομηχαναὶ καὶ κινητῆρες πάσης φύσεως, ἀντὶ τιμῶν.

ΒΙΟΜΗΧ. ΠΡΑΚΤΟΡΕΙΟΝ (ὁδὸς Μιαούλη 23 γραφεῖα Χ. Χούμη καὶ Σ. ἀλευραπτόμον) ΠΕΙΡΑΙΕΙ.

ΕΙΣ ΤΑΣ 23 ΣΕΠΤΕΜΒΡΙΟΥ
Ο ΜΟΝΤΕΧΡΙΣΤΟΣ
ΕΚΔΟΣΙΣ ΝΕΑ ΚΑΙ ΠΛΗΡΗΣ ΕΙΣ ΦΥΛΛΑΔΙΑ 5ΛΕΠΤΑ
